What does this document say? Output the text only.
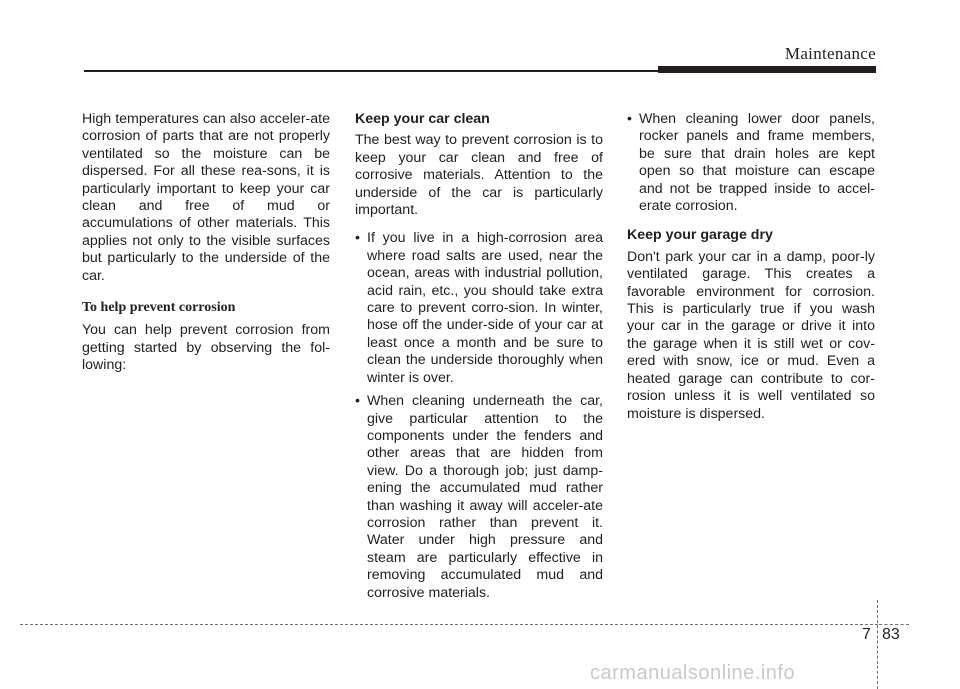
Maintenance

High temperatures can also acceler-ate corrosion of parts that are not properly ventilated so the moisture can be dispersed. For all these rea-sons, it is particularly important to keep your car clean and free of mud or accumulations of other materials. This applies not only to the visible surfaces but particularly to the underside of the car.

To help prevent corrosion

You can help prevent corrosion from getting started by observing the fol-lowing:

Keep your car clean

The best way to prevent corrosion is to keep your car clean and free of corrosive materials. Attention to the underside of the car is particularly important.

• If you live in a high-corrosion area where road salts are used, near the ocean, areas with industrial pollution, acid rain, etc., you should take extra care to prevent corro-sion. In winter, hose off the under-side of your car at least once a month and be sure to clean the underside thoroughly when winter is over.
• When cleaning underneath the car, give particular attention to the components under the fenders and other areas that are hidden from view. Do a thorough job; just damp-ening the accumulated mud rather than washing it away will acceler-ate corrosion rather than prevent it. Water under high pressure and steam are particularly effective in removing accumulated mud and corrosive materials.
• When cleaning lower door panels, rocker panels and frame members, be sure that drain holes are kept open so that moisture can escape and not be trapped inside to accel-erate corrosion.
Keep your garage dry

Don't park your car in a damp, poor-ly ventilated garage. This creates a favorable environment for corrosion. This is particularly true if you wash your car in the garage or drive it into the garage when it is still wet or cov-ered with snow, ice or mud. Even a heated garage can contribute to cor-rosion unless it is well ventilated so moisture is dispersed.

7 83
carmanualsonline.info
